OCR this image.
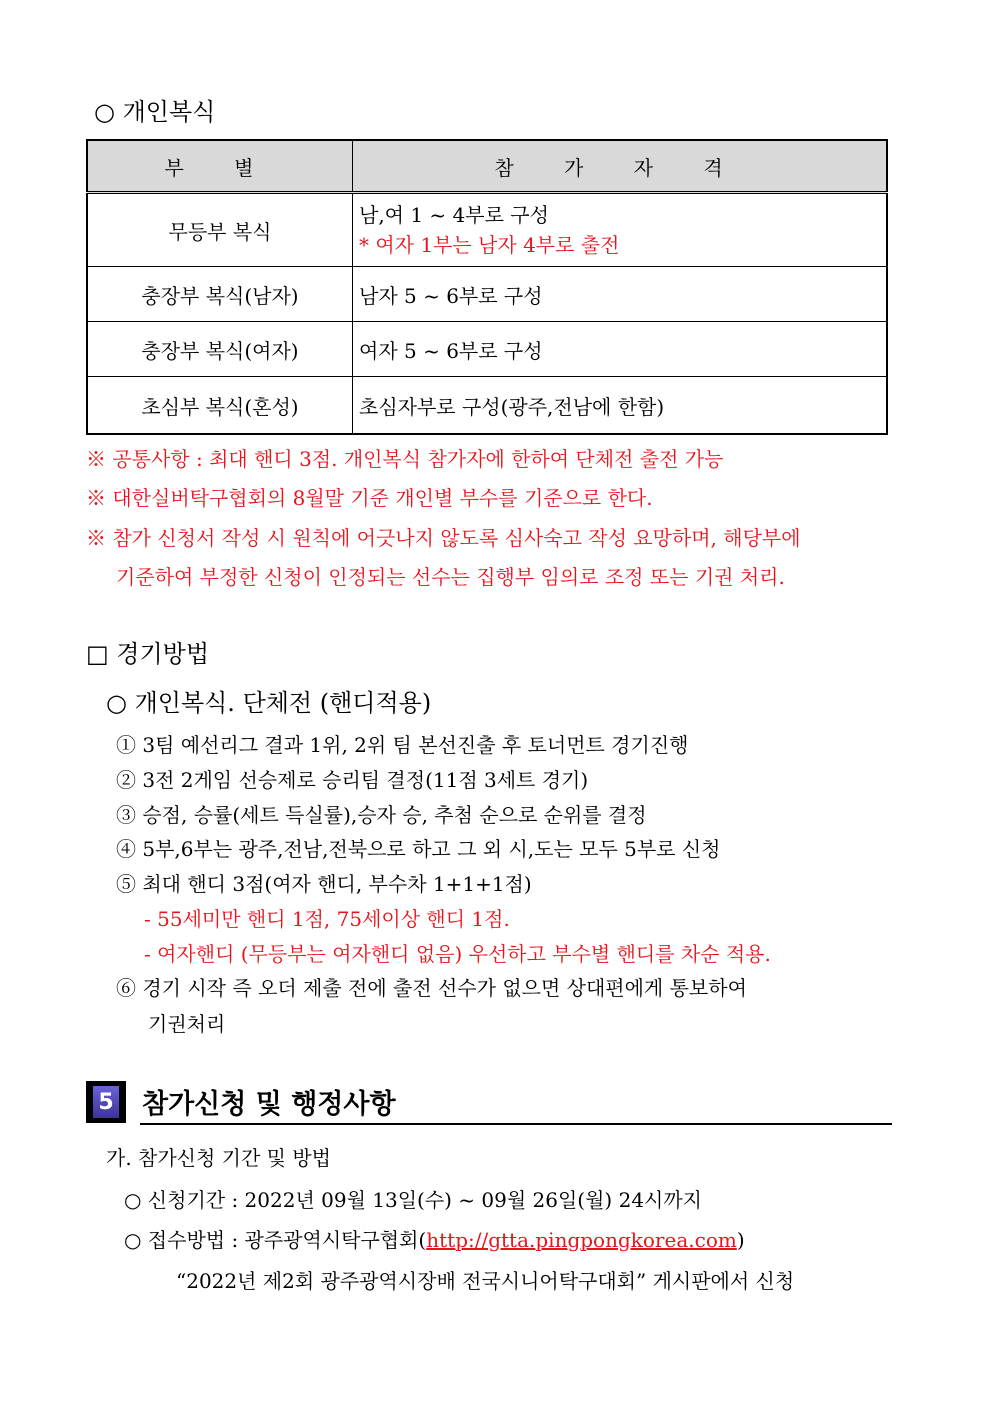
○ 개인복식
부 별	참 가 자 격
무등부 복식	남,여 1 ~ 4부로 구성
* 여자 1부는 남자 4부로 출전

충장부 복식(남자)	남자 5 ~ 6부로 구성
충장부 복식(여자)	여자 5 ~ 6부로 구성
초심부 복식(혼성)	초심자부로 구성(광주,전남에 한함)
※ 공통사항 : 최대 핸디 3점. 개인복식 참가자에 한하여 단체전 출전 가능
※ 대한실버탁구협회의 8월말 기준 개인별 부수를 기준으로 한다.
※ 참가 신청서 작성 시 원칙에 어긋나지 않도록 심사숙고 작성 요망하며, 해당부에
기준하여 부정한 신청이 인정되는 선수는 집행부 임의로 조정 또는 기권 처리.
□ 경기방법
○ 개인복식. 단체전 (핸디적용)
① 3팀 예선리그 결과 1위, 2위 팀 본선진출 후 토너먼트 경기진행
② 3전 2게임 선승제로 승리팀 결정(11점 3세트 경기)
③ 승점, 승률(세트 득실률),승자 승, 추첨 순으로 순위를 결정
④ 5부,6부는 광주,전남,전북으로 하고 그 외 시,도는 모두 5부로 신청
⑤ 최대 핸디 3점(여자 핸디, 부수차 1+1+1점)
- 55세미만 핸디 1점, 75세이상 핸디 1점.
- 여자핸디 (무등부는 여자핸디 없음) 우선하고 부수별 핸디를 차순 적용.
⑥ 경기 시작 즉 오더 제출 전에 출전 선수가 없으면 상대편에게 통보하여
기권처리
5 참가신청 및 행정사항
가. 참가신청 기간 및 방법
○ 신청기간 : 2022년 09월 13일(수) ~ 09월 26일(월) 24시까지
○ 접수방법 : 광주광역시탁구협회(http://gtta.pingpongkorea.com)
“2022년 제2회 광주광역시장배 전국시니어탁구대회” 게시판에서 신청
